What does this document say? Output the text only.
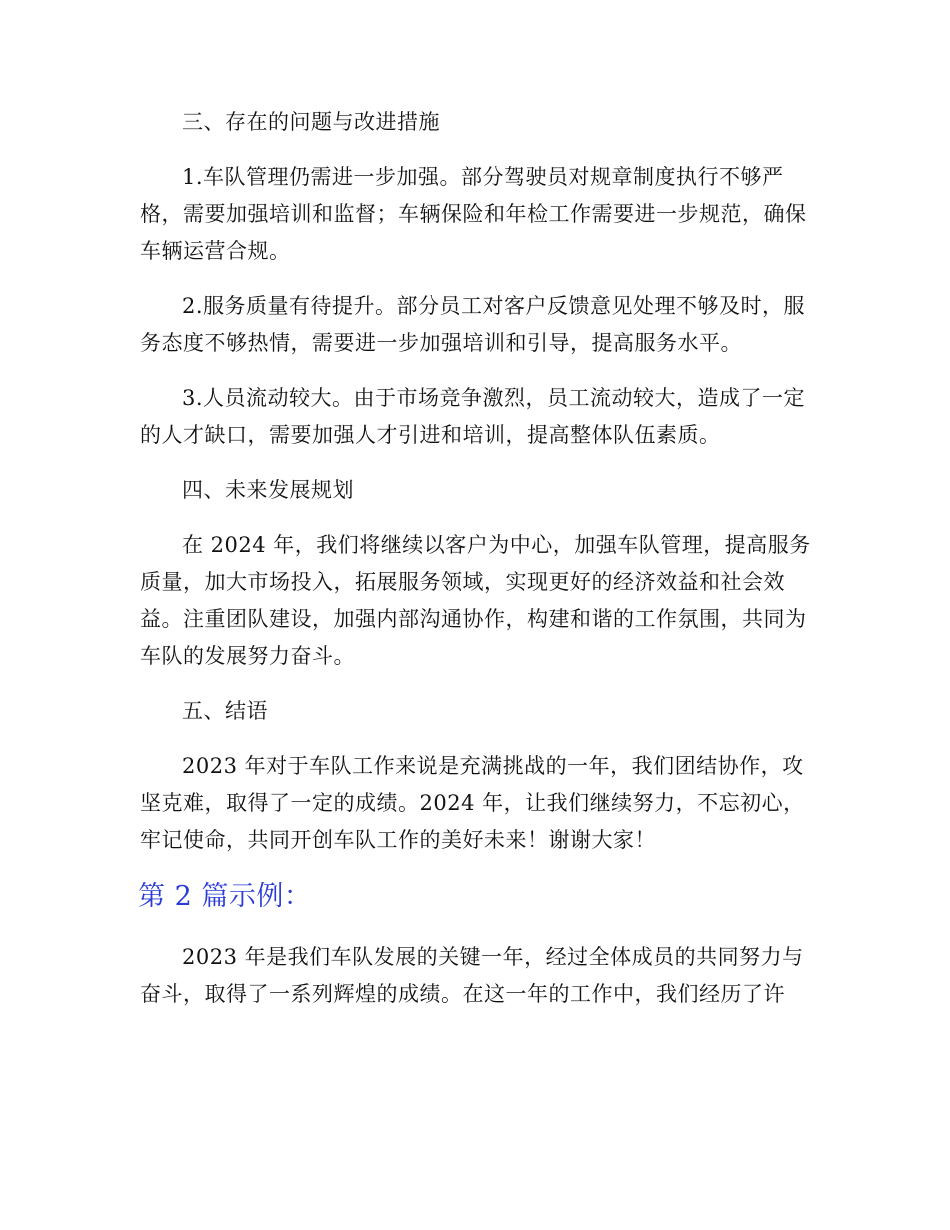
三、存在的问题与改进措施
1.车队管理仍需进一步加强。部分驾驶员对规章制度执行不够严格，需要加强培训和监督；车辆保险和年检工作需要进一步规范，确保车辆运营合规。
2.服务质量有待提升。部分员工对客户反馈意见处理不够及时，服务态度不够热情，需要进一步加强培训和引导，提高服务水平。
3.人员流动较大。由于市场竞争激烈，员工流动较大，造成了一定的人才缺口，需要加强人才引进和培训，提高整体队伍素质。
四、未来发展规划
在 2024 年，我们将继续以客户为中心，加强车队管理，提高服务质量，加大市场投入，拓展服务领域，实现更好的经济效益和社会效益。注重团队建设，加强内部沟通协作，构建和谐的工作氛围，共同为车队的发展努力奋斗。
五、结语
2023 年对于车队工作来说是充满挑战的一年，我们团结协作，攻坚克难，取得了一定的成绩。2024 年，让我们继续努力，不忘初心，牢记使命，共同开创车队工作的美好未来！谢谢大家！
第 2 篇示例：
2023 年是我们车队发展的关键一年，经过全体成员的共同努力与奋斗，取得了一系列辉煌的成绩。在这一年的工作中，我们经历了许
